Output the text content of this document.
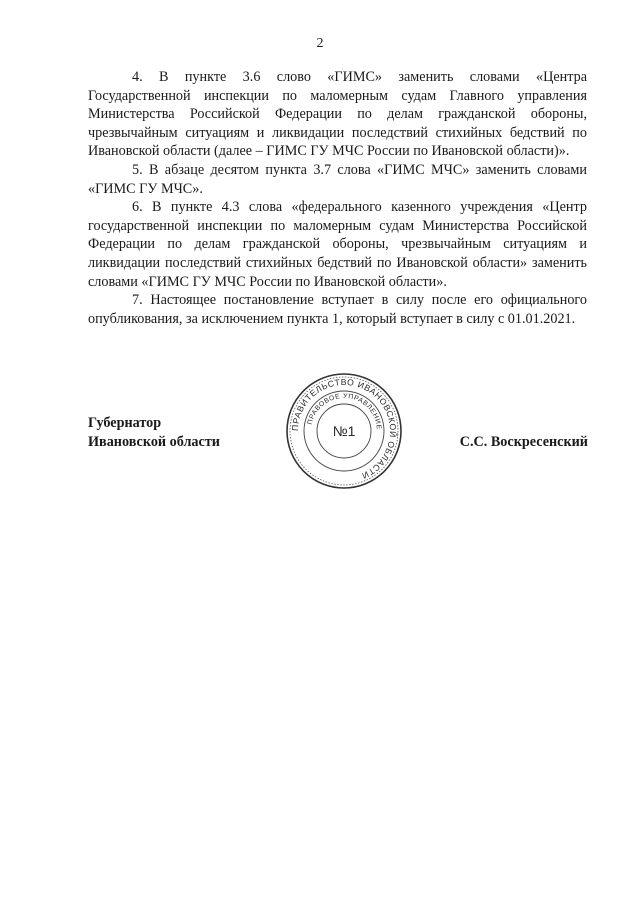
2

4. В пункте 3.6 слово «ГИМС» заменить словами «Центра Государственной инспекции по маломерным судам Главного управления Министерства Российской Федерации по делам гражданской обороны, чрезвычайным ситуациям и ликвидации последствий стихийных бедствий по Ивановской области (далее – ГИМС ГУ МЧС России по Ивановской области)».

5. В абзаце десятом пункта 3.7 слова «ГИМС МЧС» заменить словами «ГИМС ГУ МЧС».

6. В пункте 4.3 слова «федерального казенного учреждения «Центр государственной инспекции по маломерным судам Министерства Российской Федерации по делам гражданской обороны, чрезвычайным ситуациям и ликвидации последствий стихийных бедствий по Ивановской области» заменить словами «ГИМС ГУ МЧС России по Ивановской области».

7. Настоящее постановление вступает в силу после его официального опубликования, за исключением пункта 1, который вступает в силу с 01.01.2021.

Губернатор
Ивановской области
ПРАВИТЕЛЬСТВО ИВАНОВСКОЙ ОБЛАСТИ
ПРАВОВОЕ УПРАВЛЕНИЕ
№1
С.С. Воскресенский
